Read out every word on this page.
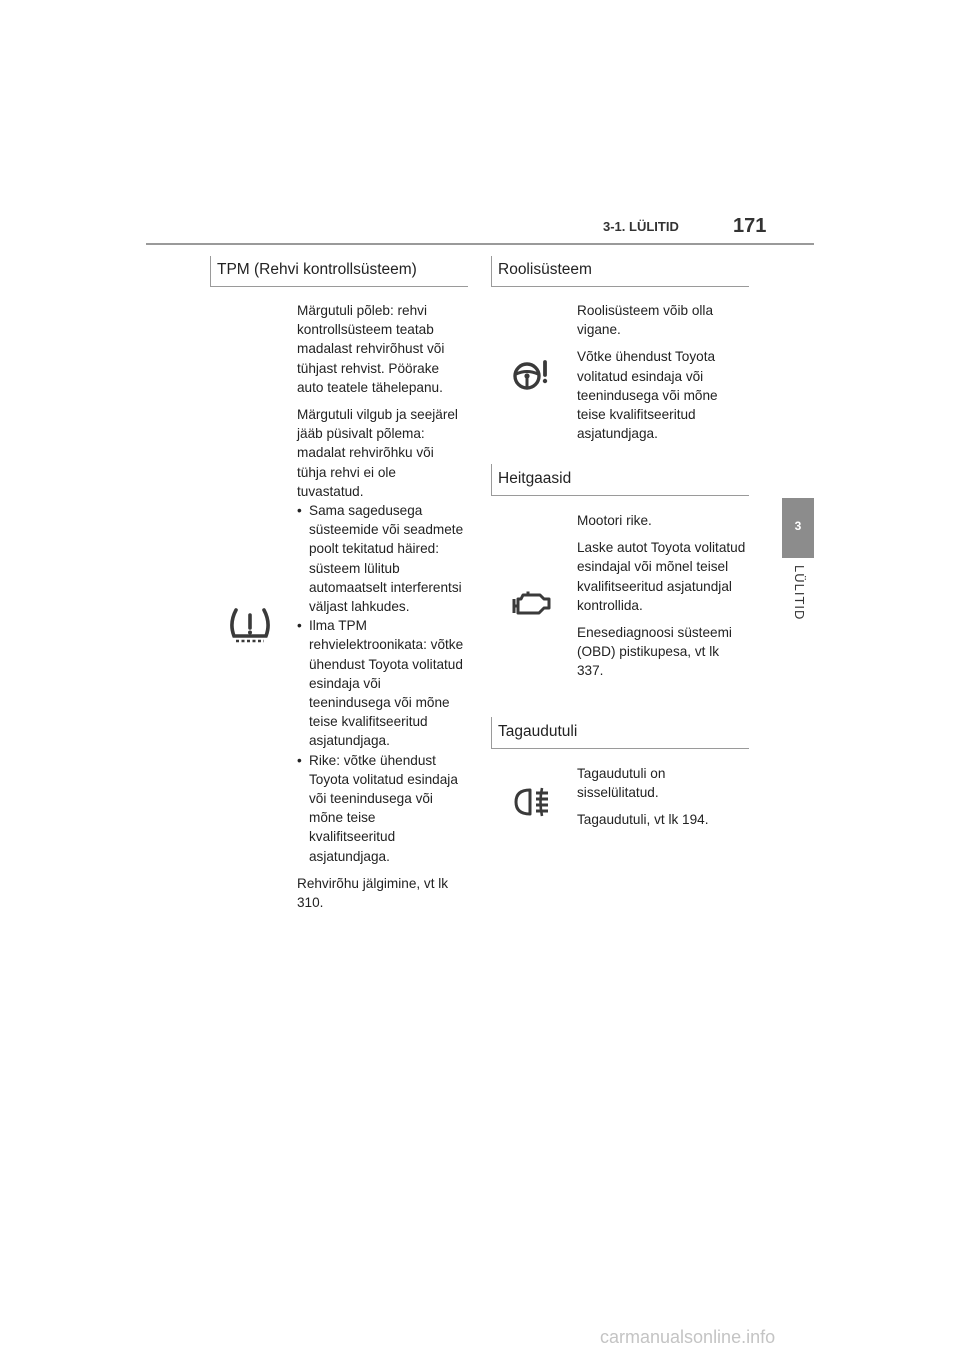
3-1. LÜLITID	171
3
LÜLITID
TPM (Rehvi kontrollsüsteem)

Märgutuli põleb: rehvi kontrollsüsteem teatab madalast rehvirõhust või tühjast rehvist. Pöörake auto teatele tähelepanu.

Märgutuli vilgub ja seejärel jääb püsivalt põlema: madalat rehvirõhku või tühja rehvi ei ole tuvastatud.

• Sama sagedusega süsteemide või seadmete poolt tekitatud häired: süsteem lülitub automaatselt interferentsi väljast lahkudes.
• Ilma TPM rehvielektroonikata: võtke ühendust Toyota volitatud esindaja või teenindusega või mõne teise kvalifitseeritud asjatundjaga.
• Rike: võtke ühendust Toyota volitatud esindaja või teenindusega või mõne teise kvalifitseeritud asjatundjaga.

Rehvirõhu jälgimine, vt lk 310.

Roolisüsteem

Roolisüsteem võib olla vigane.

Võtke ühendust Toyota volitatud esindaja või teenindusega või mõne teise kvalifitseeritud asjatundjaga.

Heitgaasid

Mootori rike.

Laske autot Toyota volitatud esindajal või mõnel teisel kvalifitseeritud asjatundjal kontrollida.

Enesediagnoosi süsteemi (OBD) pistikupesa, vt lk 337.

Tagaudutuli

Tagaudutuli on sisselülitatud.

Tagaudutuli, vt lk 194.

carmanualsonline.info
